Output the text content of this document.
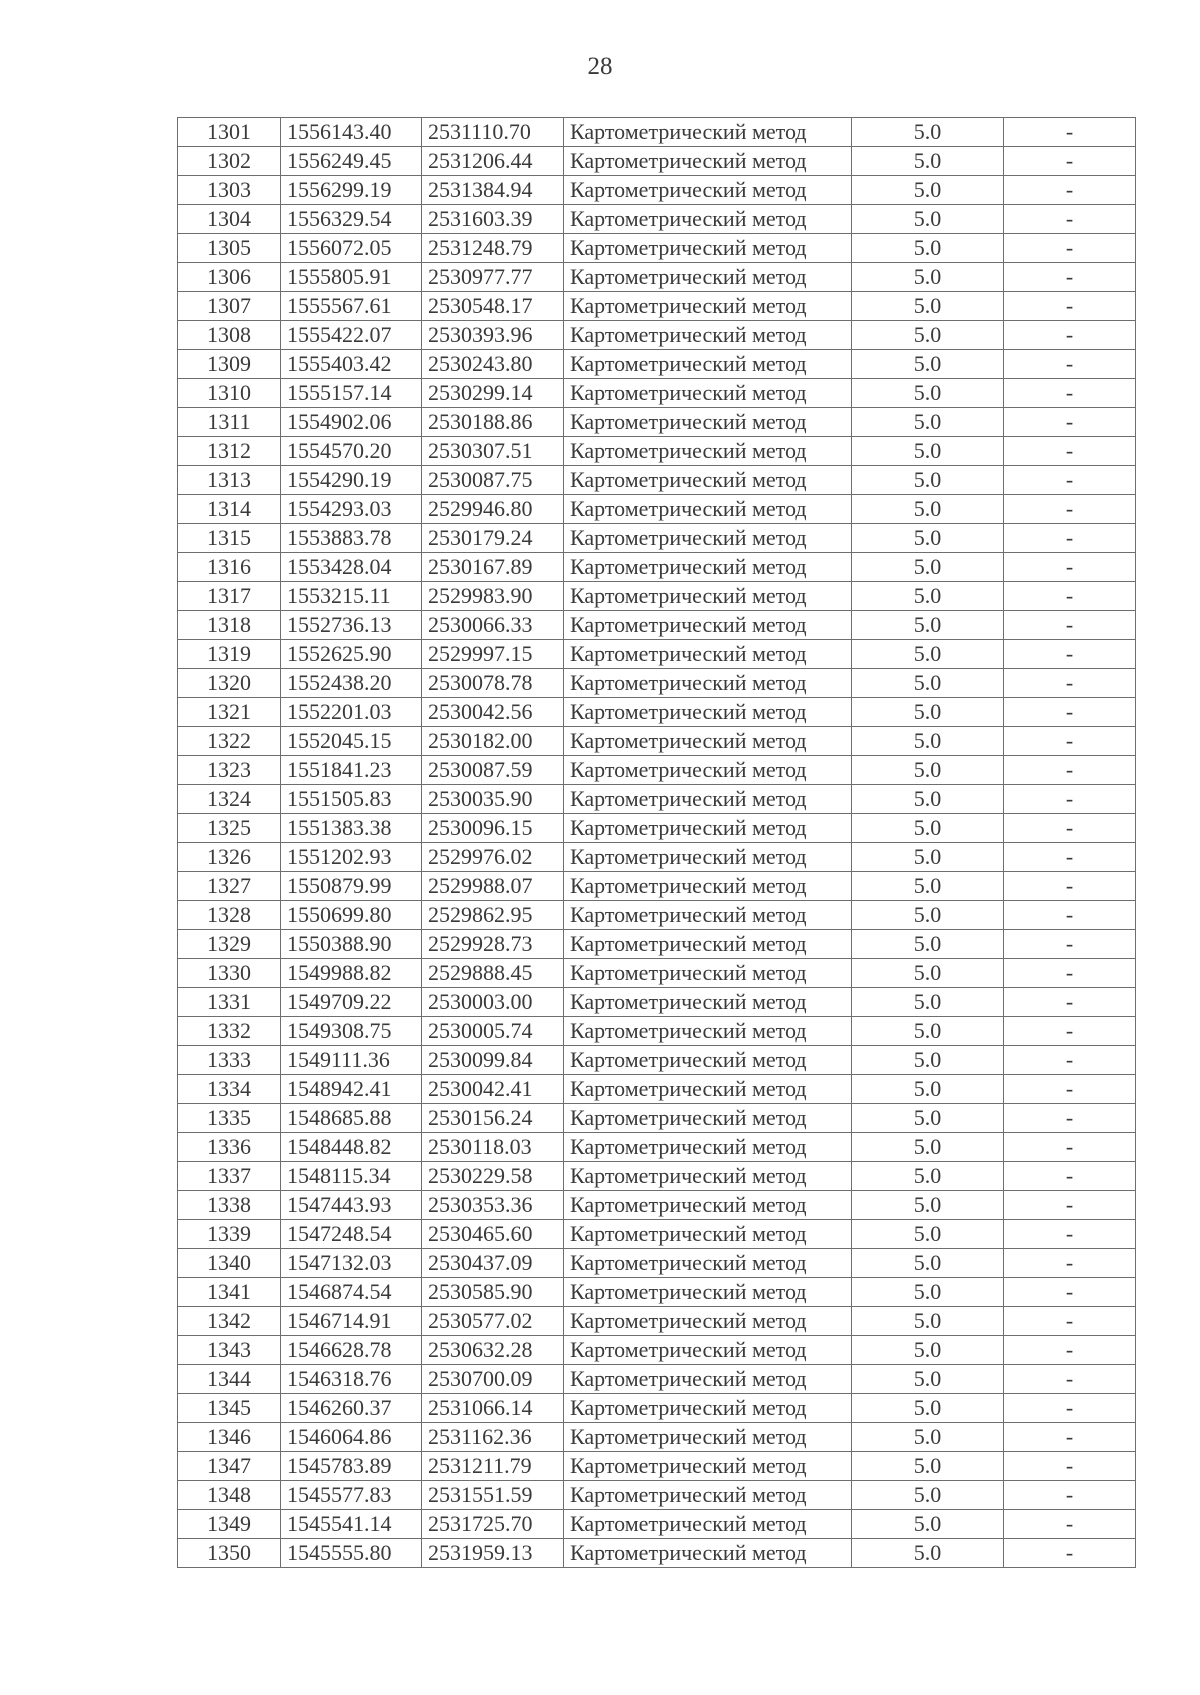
28
1301	1556143.40	2531110.70	Картометрический метод	5.0	-
1302	1556249.45	2531206.44	Картометрический метод	5.0	-
1303	1556299.19	2531384.94	Картометрический метод	5.0	-
1304	1556329.54	2531603.39	Картометрический метод	5.0	-
1305	1556072.05	2531248.79	Картометрический метод	5.0	-
1306	1555805.91	2530977.77	Картометрический метод	5.0	-
1307	1555567.61	2530548.17	Картометрический метод	5.0	-
1308	1555422.07	2530393.96	Картометрический метод	5.0	-
1309	1555403.42	2530243.80	Картометрический метод	5.0	-
1310	1555157.14	2530299.14	Картометрический метод	5.0	-
1311	1554902.06	2530188.86	Картометрический метод	5.0	-
1312	1554570.20	2530307.51	Картометрический метод	5.0	-
1313	1554290.19	2530087.75	Картометрический метод	5.0	-
1314	1554293.03	2529946.80	Картометрический метод	5.0	-
1315	1553883.78	2530179.24	Картометрический метод	5.0	-
1316	1553428.04	2530167.89	Картометрический метод	5.0	-
1317	1553215.11	2529983.90	Картометрический метод	5.0	-
1318	1552736.13	2530066.33	Картометрический метод	5.0	-
1319	1552625.90	2529997.15	Картометрический метод	5.0	-
1320	1552438.20	2530078.78	Картометрический метод	5.0	-
1321	1552201.03	2530042.56	Картометрический метод	5.0	-
1322	1552045.15	2530182.00	Картометрический метод	5.0	-
1323	1551841.23	2530087.59	Картометрический метод	5.0	-
1324	1551505.83	2530035.90	Картометрический метод	5.0	-
1325	1551383.38	2530096.15	Картометрический метод	5.0	-
1326	1551202.93	2529976.02	Картометрический метод	5.0	-
1327	1550879.99	2529988.07	Картометрический метод	5.0	-
1328	1550699.80	2529862.95	Картометрический метод	5.0	-
1329	1550388.90	2529928.73	Картометрический метод	5.0	-
1330	1549988.82	2529888.45	Картометрический метод	5.0	-
1331	1549709.22	2530003.00	Картометрический метод	5.0	-
1332	1549308.75	2530005.74	Картометрический метод	5.0	-
1333	1549111.36	2530099.84	Картометрический метод	5.0	-
1334	1548942.41	2530042.41	Картометрический метод	5.0	-
1335	1548685.88	2530156.24	Картометрический метод	5.0	-
1336	1548448.82	2530118.03	Картометрический метод	5.0	-
1337	1548115.34	2530229.58	Картометрический метод	5.0	-
1338	1547443.93	2530353.36	Картометрический метод	5.0	-
1339	1547248.54	2530465.60	Картометрический метод	5.0	-
1340	1547132.03	2530437.09	Картометрический метод	5.0	-
1341	1546874.54	2530585.90	Картометрический метод	5.0	-
1342	1546714.91	2530577.02	Картометрический метод	5.0	-
1343	1546628.78	2530632.28	Картометрический метод	5.0	-
1344	1546318.76	2530700.09	Картометрический метод	5.0	-
1345	1546260.37	2531066.14	Картометрический метод	5.0	-
1346	1546064.86	2531162.36	Картометрический метод	5.0	-
1347	1545783.89	2531211.79	Картометрический метод	5.0	-
1348	1545577.83	2531551.59	Картометрический метод	5.0	-
1349	1545541.14	2531725.70	Картометрический метод	5.0	-
1350	1545555.80	2531959.13	Картометрический метод	5.0	-
